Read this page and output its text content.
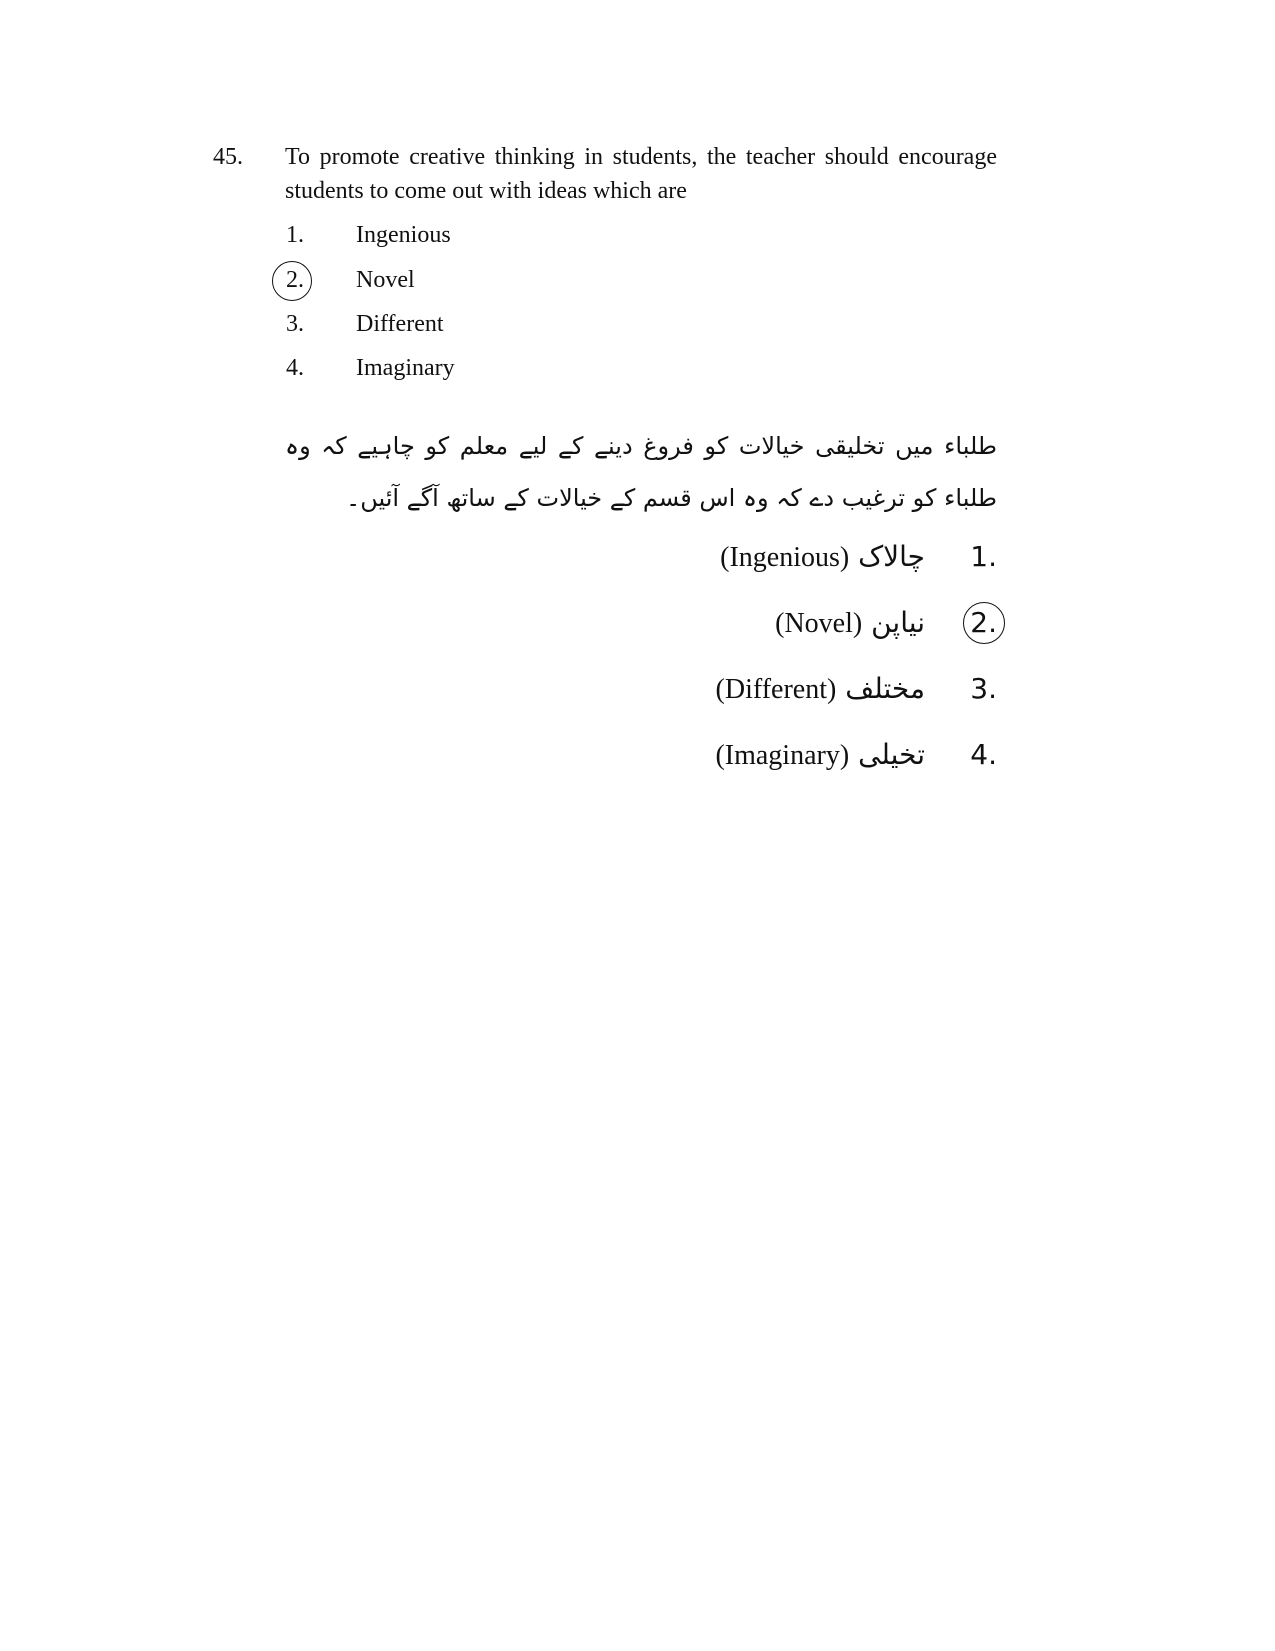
45. To promote creative thinking in students, the teacher should encourage students to come out with ideas which are
1. Ingenious
2. Novel
3. Different
4. Imaginary
طلباء میں تخلیقی خیالات کو فروغ دینے کے لیے معلم کو چاہیے کہ وہ طلباء کو ترغیب دے کہ وہ اس قسم کے خیالات کے ساتھ آگے آئیں۔
.1
چالاک (Ingenious)
.2
نیاپن (Novel)
.3
مختلف (Different)
.4
تخیلی (Imaginary)
